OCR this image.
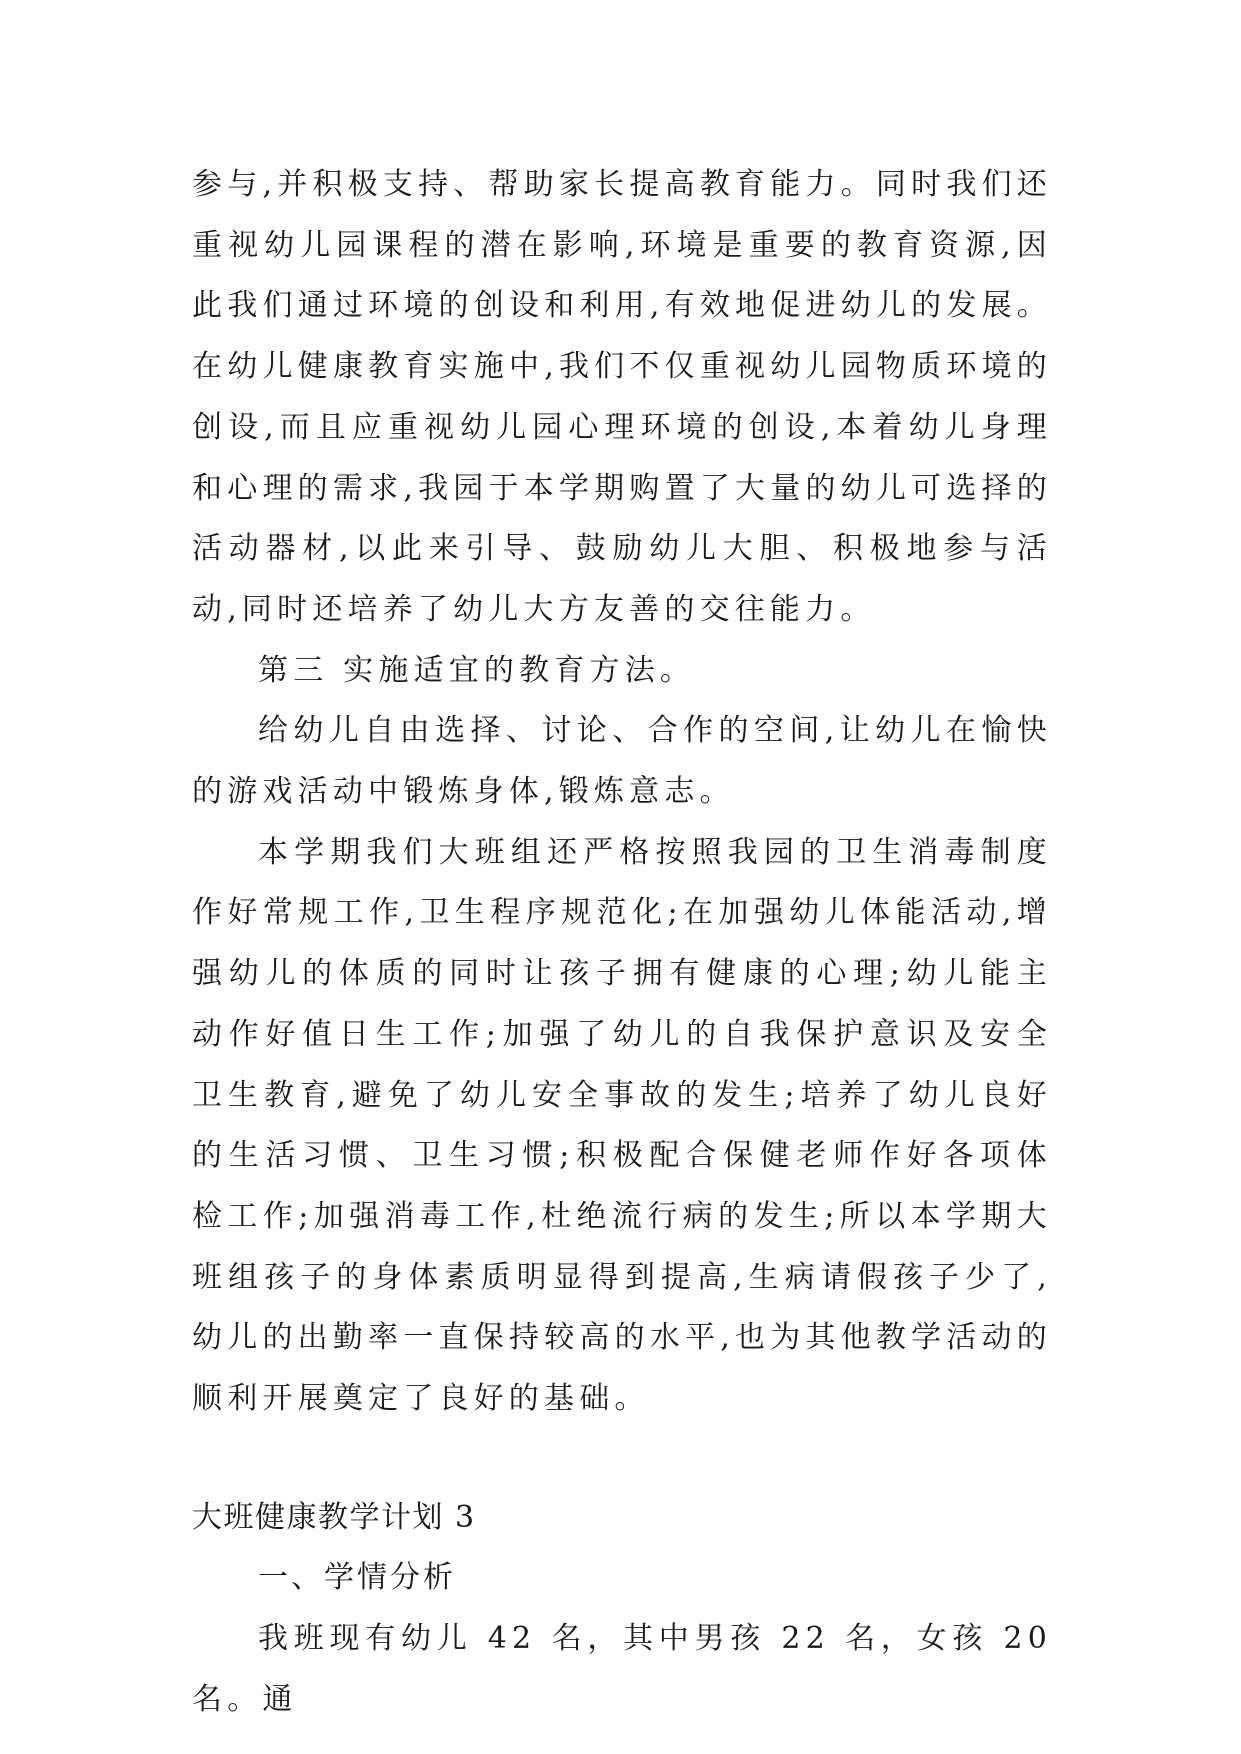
参与,并积极支持、帮助家长提高教育能力。同时我们还重视幼儿园课程的潜在影响,环境是重要的教育资源,因此我们通过环境的创设和利用,有效地促进幼儿的发展。在幼儿健康教育实施中,我们不仅重视幼儿园物质环境的创设,而且应重视幼儿园心理环境的创设,本着幼儿身理和心理的需求,我园于本学期购置了大量的幼儿可选择的活动器材,以此来引导、鼓励幼儿大胆、积极地参与活动,同时还培养了幼儿大方友善的交往能力。

第三 实施适宜的教育方法。

给幼儿自由选择、讨论、合作的空间,让幼儿在愉快的游戏活动中锻炼身体,锻炼意志。

本学期我们大班组还严格按照我园的卫生消毒制度作好常规工作,卫生程序规范化;在加强幼儿体能活动,增强幼儿的体质的同时让孩子拥有健康的心理;幼儿能主动作好值日生工作;加强了幼儿的自我保护意识及安全卫生教育,避免了幼儿安全事故的发生;培养了幼儿良好的生活习惯、卫生习惯;积极配合保健老师作好各项体检工作;加强消毒工作,杜绝流行病的发生;所以本学期大班组孩子的身体素质明显得到提高,生病请假孩子少了,幼儿的出勤率一直保持较高的水平,也为其他教学活动的顺利开展奠定了良好的基础。

大班健康教学计划 3

一、学情分析

我班现有幼儿 42 名，其中男孩 22 名，女孩 20 名。通
